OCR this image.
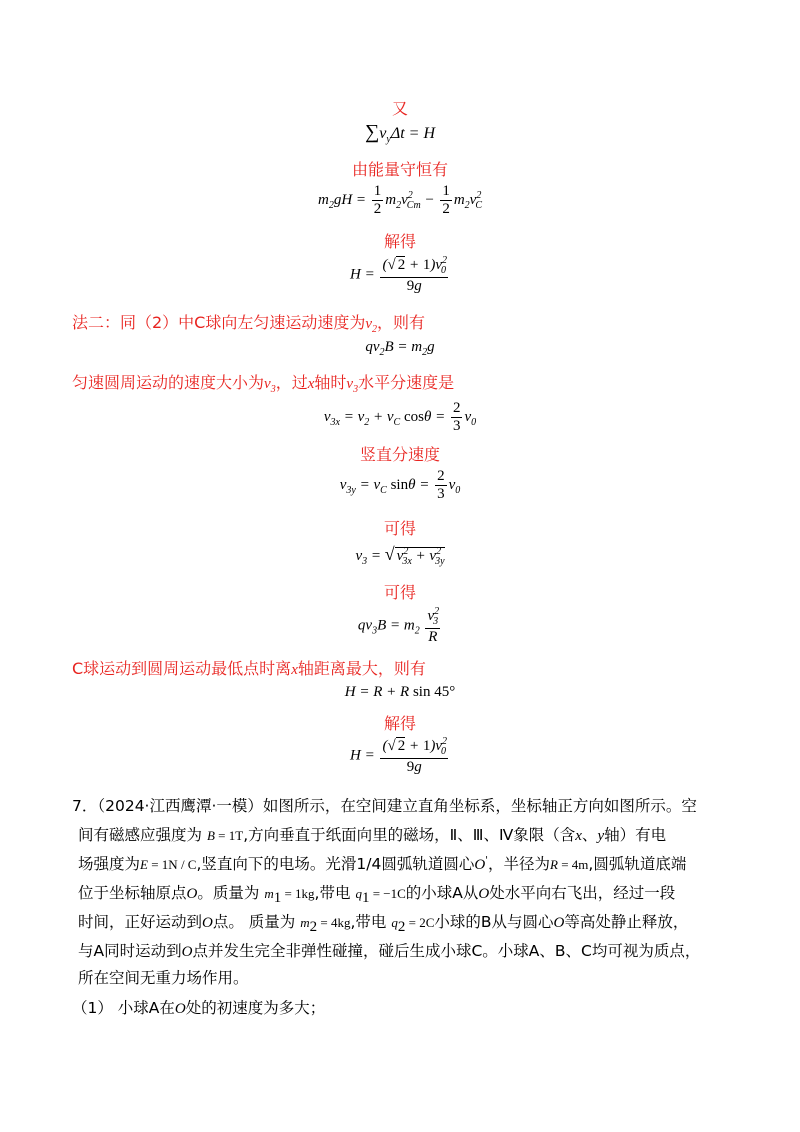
又
$\sum v_y\Delta t = H$
由能量守恒有
$m_2gH = \frac{1}{2} m_2v^2_{Cm} - \frac{1}{2} m_2v^2_C$
解得
$H = \frac{(√ 2 + 1)v^2_0}{9g}$
法二：同（2）中C球向左匀速运动速度为$v_2$，则有
$qv_2B = m_2g$
匀速圆周运动的速度大小为$v_3$，过x轴时$v_3$水平分速度是
$v_{3x} = v_2 + v_C$ $\cos\theta = \frac{2}{3} v_0$
竖直分速度
$v_{3y} = v_C$ $\sin\theta = \frac{2}{3} v_0$
可得
$v_3$ = √ $v^2_{3x} + v^2_{3y}$
可得
$qv_3B = m_2 \frac{v^2_3}{R}$
C球运动到圆周运动最低点时离x轴距离最大，则有
H = R + R sin 45°
解得
$H = \frac{(√ 2 + 1)v^2_0}{9g}$
7．（2024·江西鹰潭·一模）如图所示，在空间建立直角坐标系，坐标轴正方向如图所示。空
间有磁感应强度为 B = 1T,方向垂直于纸面向里的磁场，Ⅱ、Ⅲ、Ⅳ象限（含x、y轴）有电
场强度为E = 1N / C,竖直向下的电场。光滑1/4圆弧轨道圆心O'，半径为R = 4m,圆弧轨道底端
位于坐标轴原点O。质量为 $m_1 = 1kg$,带电 $q_1 = -1C$的小球A从O处水平向右飞出，经过一段
时间，正好运动到O点。 质量为 $m_2 = 4kg$,带电 $q_2 = 2C$小球的B从与圆心O等高处静止释放，
与A同时运动到O点并发生完全非弹性碰撞，碰后生成小球C。小球A、B、C均可视为质点，
所在空间无重力场作用。
（1） 小球A在O处的初速度为多大；
